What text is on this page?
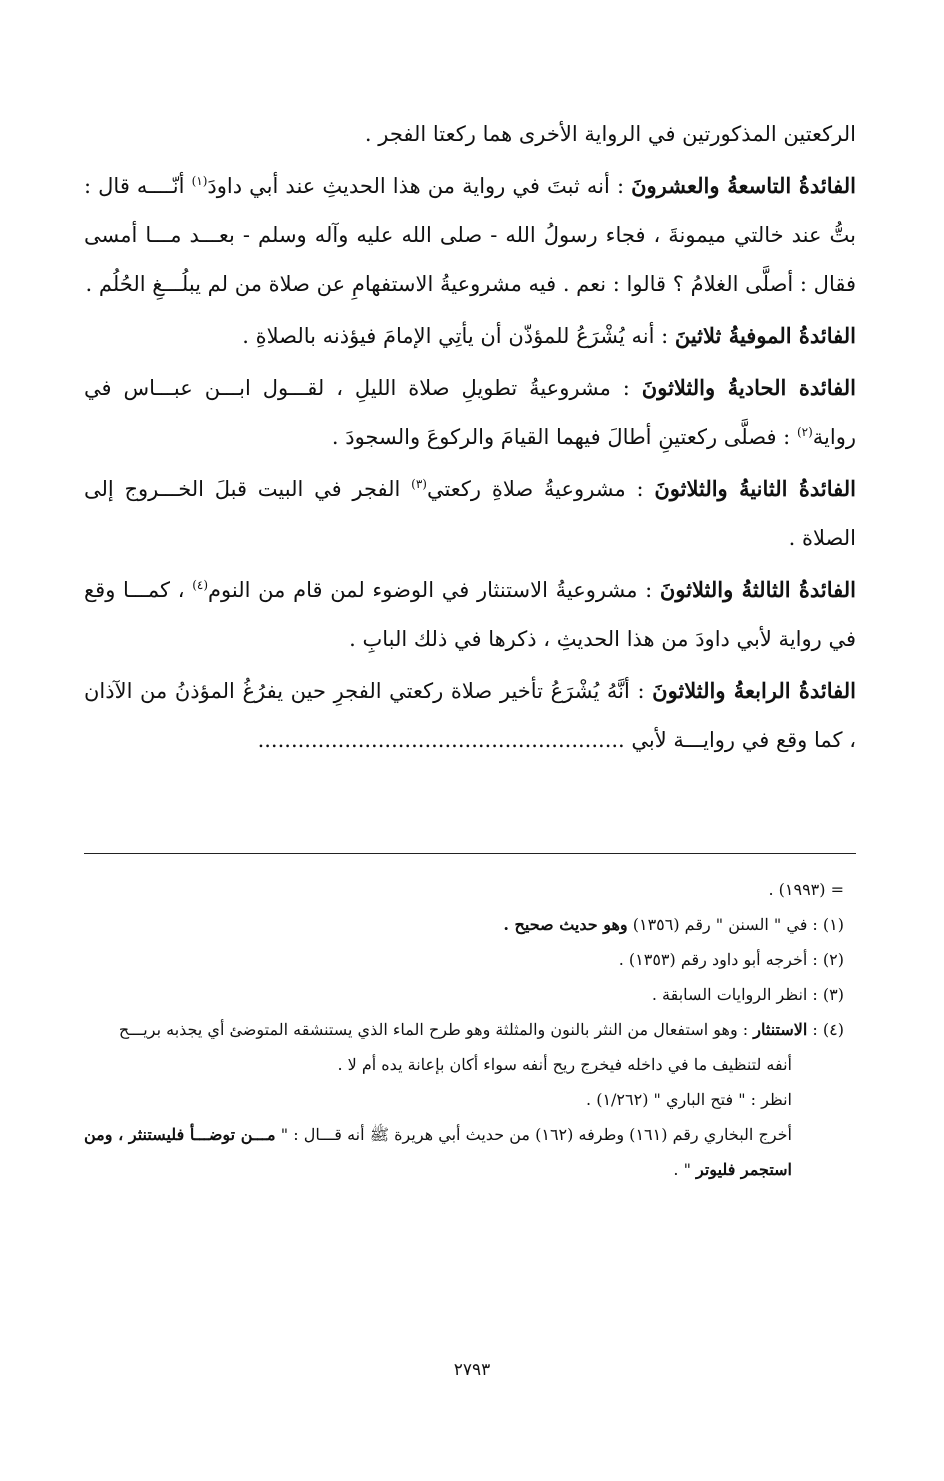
الركعتين المذكورتين في الرواية الأخرى هما ركعتا الفجر .

الفائدةُ التاسعةُ والعشرونَ : أنه ثبتَ في رواية من هذا الحديثِ عند أبي داودَ$^{(١)}$ أنّــــه قال : بتُّ عند خالتي ميمونةَ ، فجاء رسولُ الله - صلى الله عليه وآله وسلم - بعـــد مـــا أمسى فقال : أصلَّى الغلامُ ؟ قالوا : نعم . فيه مشروعيةُ الاستفهامِ عن صلاة من لم يبلُـــغِ الحُلُم .

الفائدةُ الموفيةُ ثلاثينَ : أنه يُشْرَعُ للمؤذّن أن يأتِي الإمامَ فيؤذنه بالصلاةِ .

الفائدة الحاديةُ والثلاثونَ : مشروعيةُ تطويلِ صلاة الليلِ ، لقـــول ابـــن عبـــاس في رواية$^{(٢)}$ : فصلَّى ركعتينِ أطالَ فيهما القيامَ والركوعَ والسجودَ .

الفائدةُ الثانيةُ والثلاثونَ : مشروعيةُ صلاةِ ركعتي$^{(٣)}$ الفجر في البيت قبلَ الخـــروج إلى الصلاة .

الفائدةُ الثالثةُ والثلاثونَ : مشروعيةُ الاستنثار في الوضوء لمن قام من النوم$^{(٤)}$ ، كمـــا وقع في رواية لأبي داودَ من هذا الحديثِ ، ذكرها في ذلك البابِ .

الفائدةُ الرابعةُ والثلاثونَ : أنَّهُ يُشْرَعُ تأخير صلاة ركعتي الفجرِ حين يفرُغُ المؤذنُ من الآذان ، كما وقع في روايـــة لأبي .......................................................

= (١٩٩٣) .

(١) : في " السنن " رقم (١٣٥٦) وهو حديث صحيح .

(٢) : أخرجه أبو داود رقم (١٣٥٣) .

(٣) : انظر الروايات السابقة .

(٤) : الاستنثار : وهو استفعال من النثر بالنون والمثلثة وهو طرح الماء الذي يستنشقه المتوضئ أي يجذبه بريـــح

أنفه لتنظيف ما في داخله فيخرج ريح أنفه سواء أكان بإعانة يده أم لا .

انظر : " فتح الباري " (١/٢٦٢) .

أخرج البخاري رقم (١٦١) وطرفه (١٦٢) من حديث أبي هريرة ﷺ أنه قـــال : " مـــن توضـــأ فليستنثر ، ومن استجمر فليوتر " .

٢٧٩٣
